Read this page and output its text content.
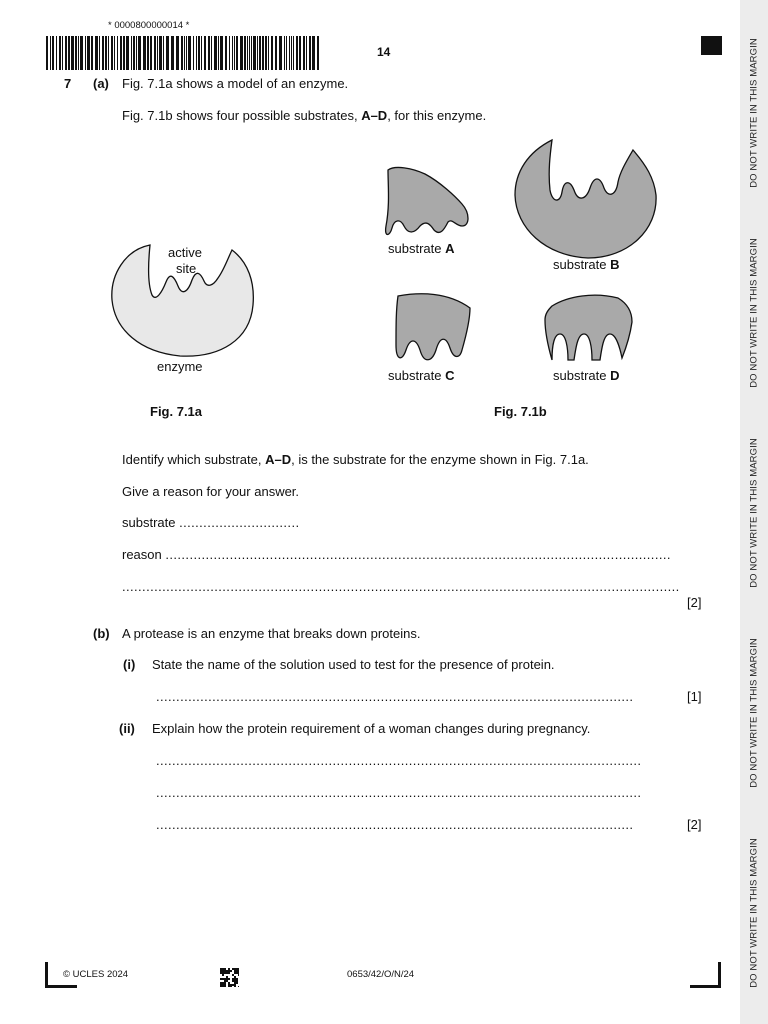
DO NOT WRITE IN THIS MARGIN
DO NOT WRITE IN THIS MARGIN
DO NOT WRITE IN THIS MARGIN
DO NOT WRITE IN THIS MARGIN
DO NOT WRITE IN THIS MARGIN
* 0000800000014 *
14
7 (a) Fig. 7.1a shows a model of an enzyme.
Fig. 7.1b shows four possible substrates, A–D, for this enzyme.
active
site
enzyme
Fig. 7.1a
substrate A
substrate B
substrate C	substrate D
Fig. 7.1b
Identify which substrate, A–D, is the substrate for the enzyme shown in Fig. 7.1a.
Give a reason for your answer.
substrate ..............................
reason ..............................................................................................................................
...........................................................................................................................................
[2]
(b) A protease is an enzyme that breaks down proteins.
(i) State the name of the solution used to test for the presence of protein.
.......................................................................................................................	[1]
(ii) Explain how the protein requirement of a woman changes during pregnancy.
.........................................................................................................................
.........................................................................................................................
.......................................................................................................................	[2]
© UCLES 2024	0653/42/O/N/24
